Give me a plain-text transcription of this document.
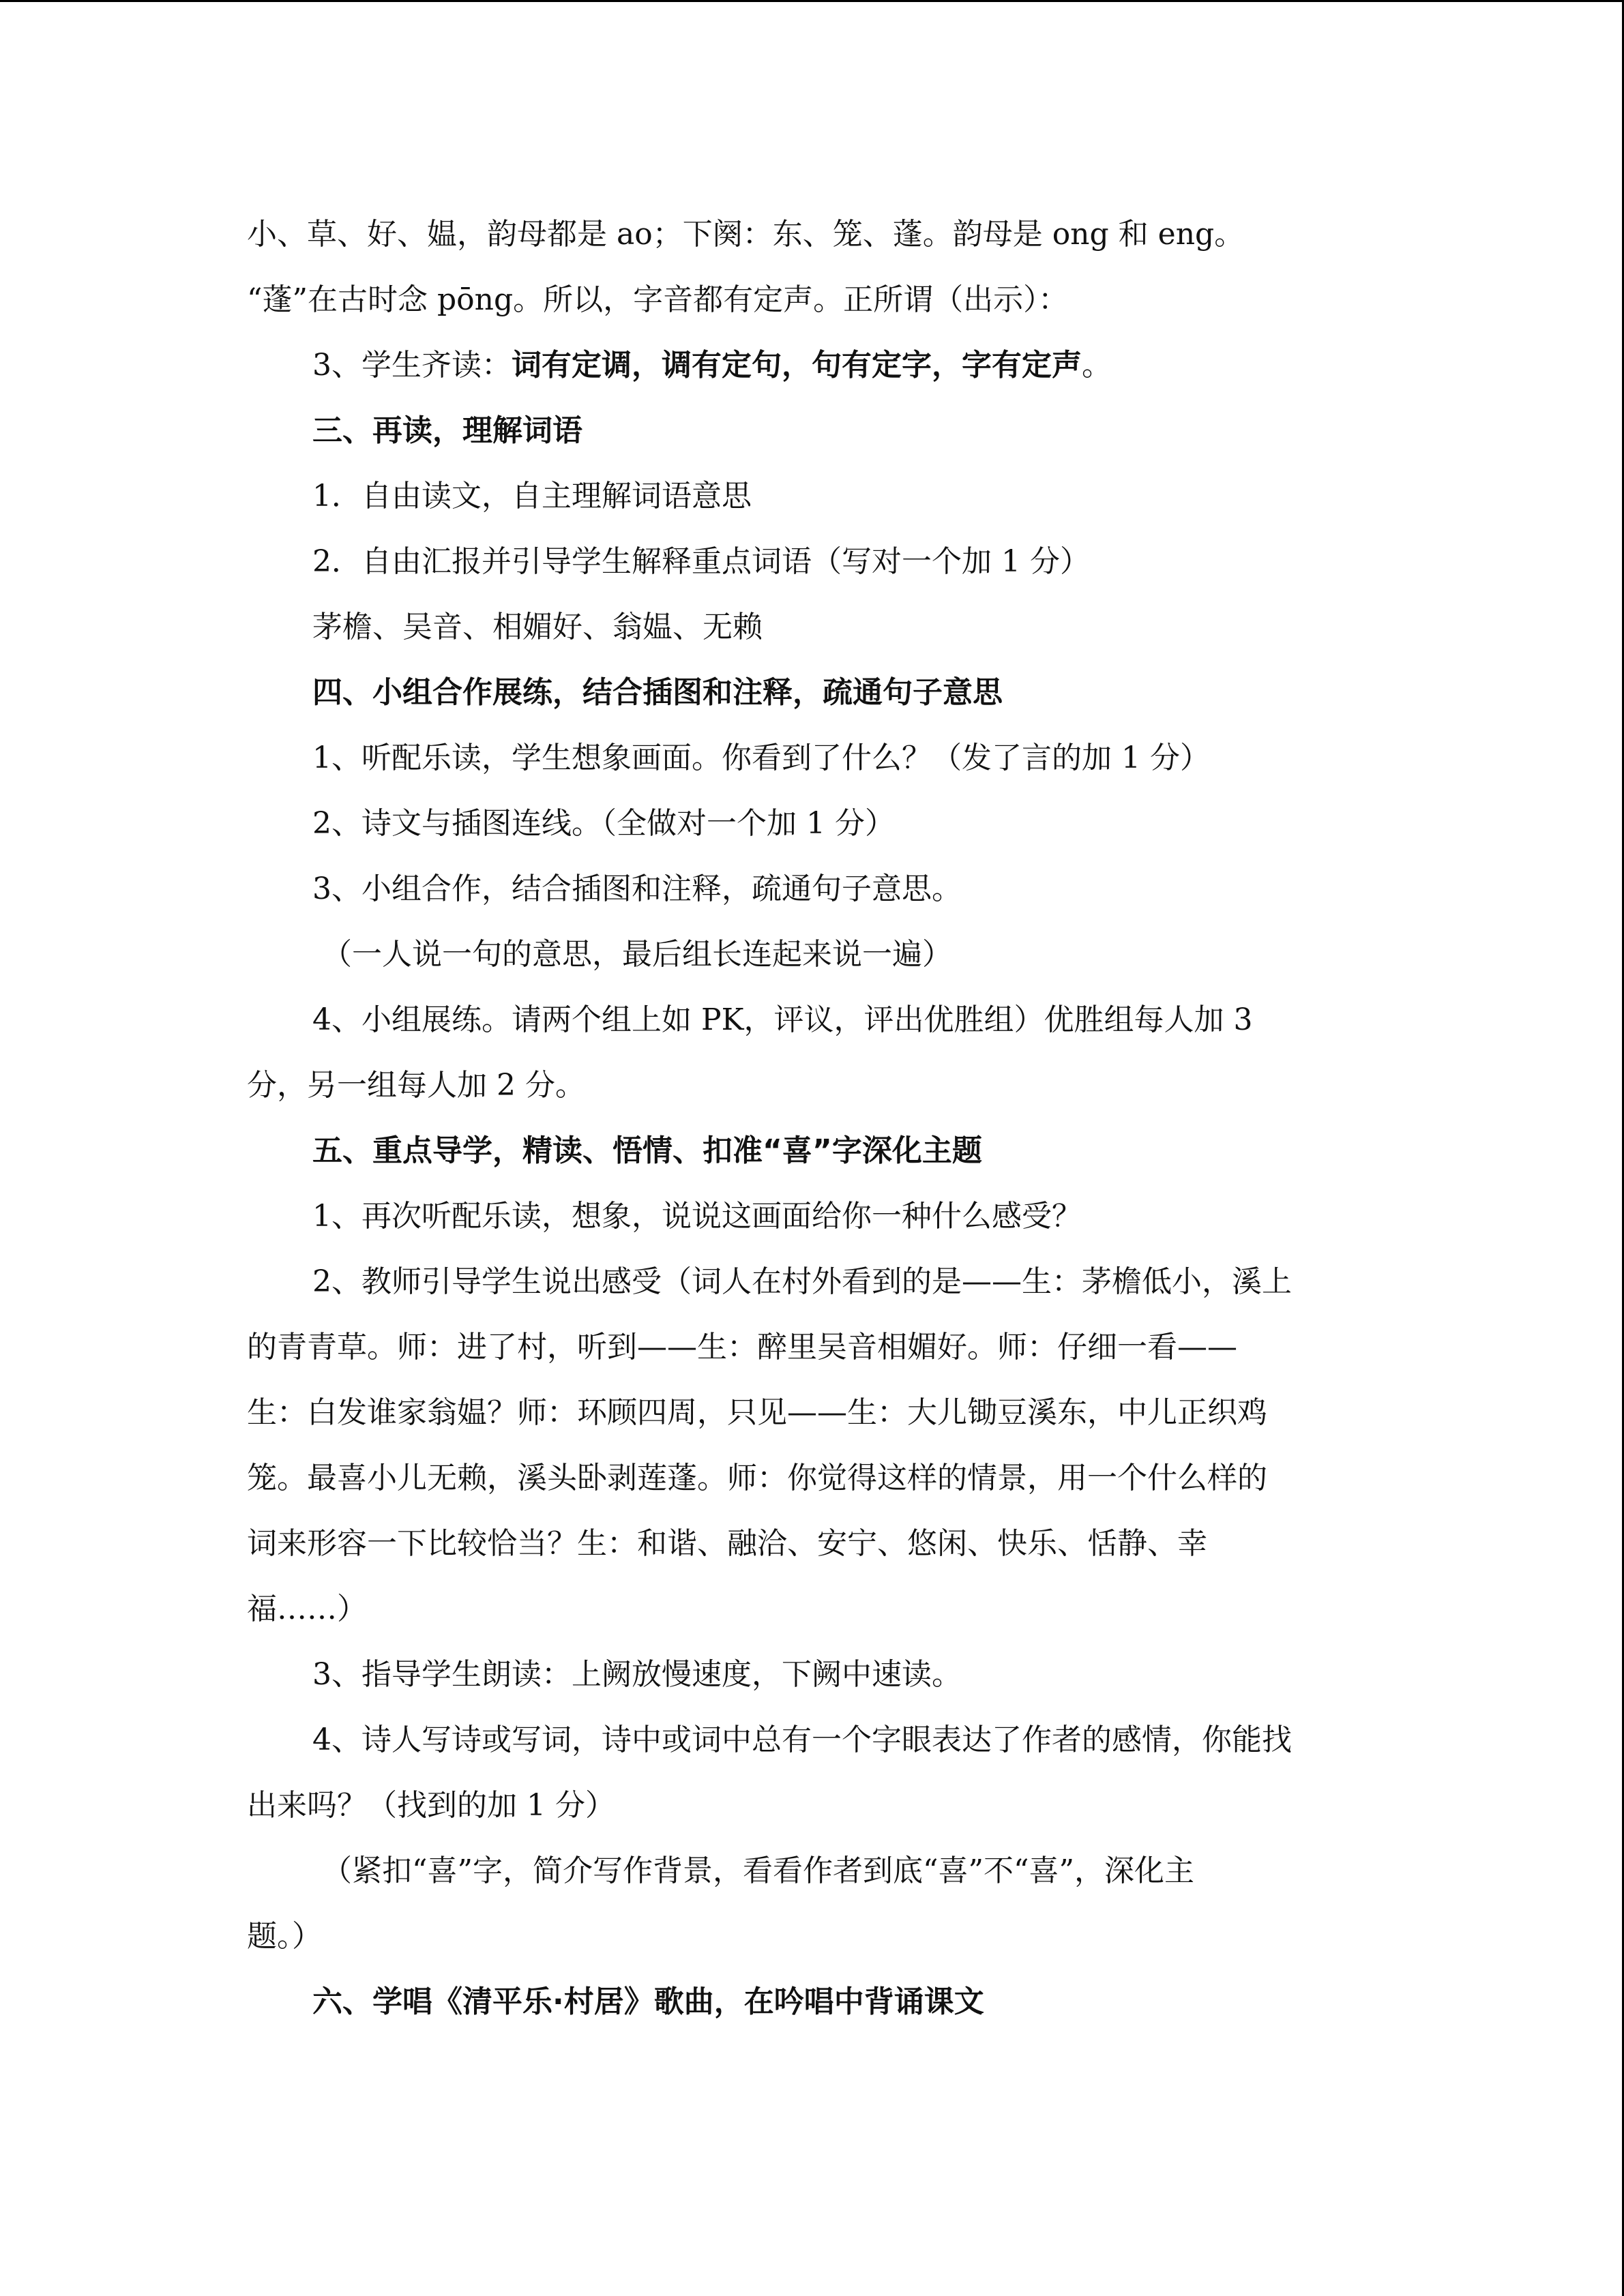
小、草、好、媪，韵母都是 ao；下阕：东、笼、蓬。韵母是 ong 和 eng。
“蓬”在古时念 pōng。所以，字音都有定声。正所谓（出示）：
3、学生齐读：词有定调，调有定句，句有定字，字有定声。
三、再读，理解词语
1．自由读文，自主理解词语意思
2．自由汇报并引导学生解释重点词语（写对一个加 1 分）
茅檐、吴音、相媚好、翁媪、无赖
四、小组合作展练，结合插图和注释，疏通句子意思
1、听配乐读，学生想象画面。你看到了什么？（发了言的加 1 分）
2、诗文与插图连线。（全做对一个加 1 分）
3、小组合作，结合插图和注释，疏通句子意思。
（一人说一句的意思，最后组长连起来说一遍）
4、小组展练。请两个组上如 PK，评议，评出优胜组）优胜组每人加 3
分，另一组每人加 2 分。
五、重点导学，精读、悟情、扣准“喜”字深化主题
1、再次听配乐读，想象，说说这画面给你一种什么感受？
2、教师引导学生说出感受（词人在村外看到的是——生：茅檐低小，溪上
的青青草。师：进了村，听到——生：醉里吴音相媚好。师：仔细一看——
生：白发谁家翁媪？师：环顾四周，只见——生：大儿锄豆溪东，中儿正织鸡
笼。最喜小儿无赖，溪头卧剥莲蓬。师：你觉得这样的情景，用一个什么样的
词来形容一下比较恰当？生：和谐、融洽、安宁、悠闲、快乐、恬静、幸
福……）
3、指导学生朗读：上阙放慢速度，下阙中速读。
4、诗人写诗或写词，诗中或词中总有一个字眼表达了作者的感情，你能找
出来吗？（找到的加 1 分）
（紧扣“喜”字，简介写作背景，看看作者到底“喜”不“喜”，深化主
题。）
六、学唱《清平乐·村居》歌曲，在吟唱中背诵课文
